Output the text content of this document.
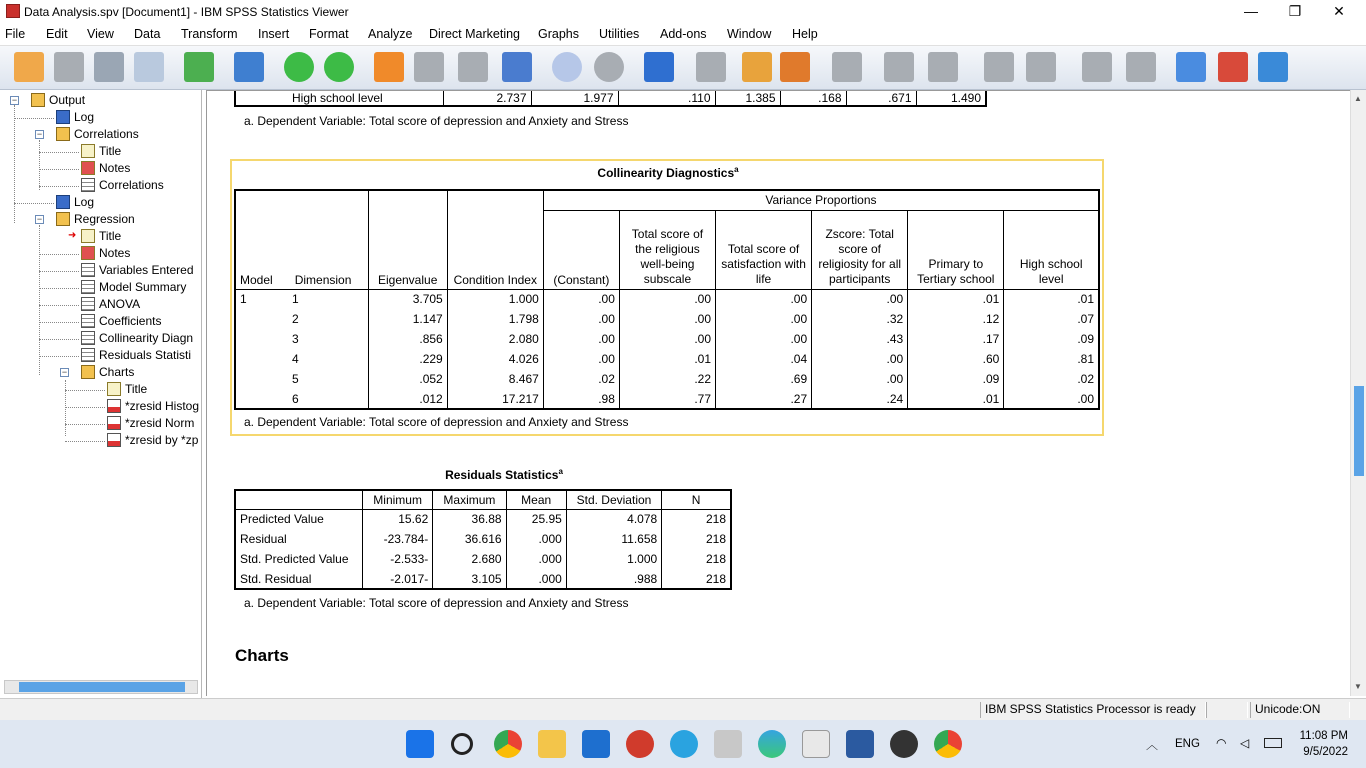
Data Analysis.spv [Document1] - IBM SPSS Statistics Viewer	—	❐	✕
File Edit View Data Transform Insert Format Analyze Direct Marketing Graphs Utilities Add-ons Window Help
−	Output
Log
−	Correlations
Title
Notes
Correlations
Log
−	Regression
➜ Title
Notes
Variables Entered
Model Summary
ANOVA
Coefficients
Collinearity Diagn
Residuals Statisti
−	Charts
Title
*zresid Histog
*zresid Norm
*zresid by *zp
High school level	2.737	1.977	.110	1.385	.168	.671	1.490
a. Dependent Variable: Total score of depression and Anxiety and Stress
Collinearity Diagnostics$^a$
Model Dimension	Eigenvalue	Condition Index	Variance Proportions					
			(Constant)	Total score of the religious well-being subscale	Total score of satisfaction with life	Zscore: Total score of religiosity for all participants	Primary to Tertiary school	High school level
1 1	3.705	1.000	.00	.00	.00	.00	.01	.01
2	1.147	1.798	.00	.00	.00	.32	.12	.07
3	.856	2.080	.00	.00	.00	.43	.17	.09
4	.229	4.026	.00	.01	.04	.00	.60	.81
5	.052	8.467	.02	.22	.69	.00	.09	.02
6	.012	17.217	.98	.77	.27	.24	.01	.00
a. Dependent Variable: Total score of depression and Anxiety and Stress
Residuals Statistics$^a$
	Minimum	Maximum	Mean	Std. Deviation	N
Predicted Value	15.62	36.88	25.95	4.078	218
Residual	-23.784-	36.616	.000	11.658	218
Std. Predicted Value	-2.533-	2.680	.000	1.000	218
Std. Residual	-2.017-	3.105	.000	.988	218
a. Dependent Variable: Total score of depression and Anxiety and Stress
Charts
▲
▼
IBM SPSS Statistics Processor is ready	Unicode:ON
︿ ENG ◠ ◁	11:08 PM
9/5/2022
